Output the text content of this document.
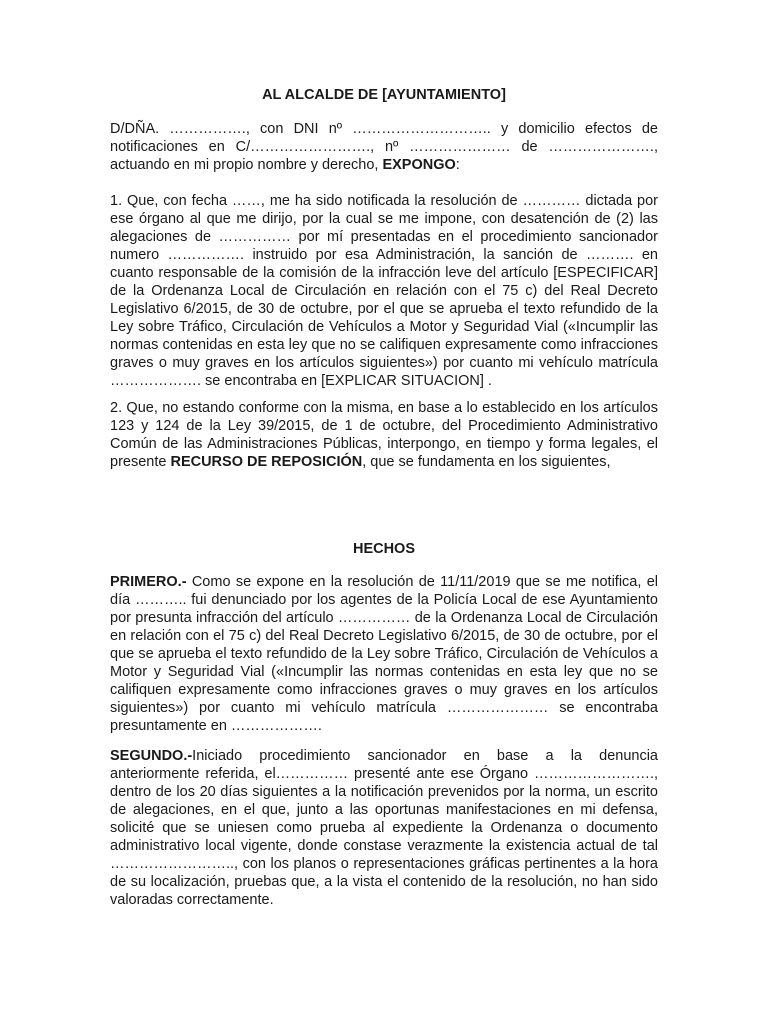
AL ALCALDE DE [AYUNTAMIENTO]

D/DÑA. ……………., con DNI nº ……………………….. y domicilio efectos de notificaciones en C/……………………., nº ………………… de …………………., actuando en mi propio nombre y derecho, EXPONGO:

1. Que, con fecha ……, me ha sido notificada la resolución de ………… dictada por ese órgano al que me dirijo, por la cual se me impone, con desatención de (2) las alegaciones de …………… por mí presentadas en el procedimiento sancionador numero ……………. instruido por esa Administración, la sanción de ………. en cuanto responsable de la comisión de la infracción leve del artículo [ESPECIFICAR] de la Ordenanza Local de Circulación en relación con el 75 c) del Real Decreto Legislativo 6/2015, de 30 de octubre, por el que se aprueba el texto refundido de la Ley sobre Tráfico, Circulación de Vehículos a Motor y Seguridad Vial («Incumplir las normas contenidas en esta ley que no se califiquen expresamente como infracciones graves o muy graves en los artículos siguientes») por cuanto mi vehículo matrícula ………………. se encontraba en [EXPLICAR SITUACION] .

2. Que, no estando conforme con la misma, en base a lo establecido en los artículos 123 y 124 de la Ley 39/2015, de 1 de octubre, del Procedimiento Administrativo Común de las Administraciones Públicas, interpongo, en tiempo y forma legales, el presente RECURSO DE REPOSICIÓN, que se fundamenta en los siguientes,

HECHOS

PRIMERO.- Como se expone en la resolución de 11/11/2019 que se me notifica, el día ……….. fui denunciado por los agentes de la Policía Local de ese Ayuntamiento por presunta infracción del artículo …………… de la Ordenanza Local de Circulación en relación con el 75 c) del Real Decreto Legislativo 6/2015, de 30 de octubre, por el que se aprueba el texto refundido de la Ley sobre Tráfico, Circulación de Vehículos a Motor y Seguridad Vial («Incumplir las normas contenidas en esta ley que no se califiquen expresamente como infracciones graves o muy graves en los artículos siguientes») por cuanto mi vehículo matrícula ………………… se encontraba presuntamente en ……………….

SEGUNDO.-Iniciado procedimiento sancionador en base a la denuncia anteriormente referida, el…………… presenté ante ese Órgano ……………………., dentro de los 20 días siguientes a la notificación prevenidos por la norma, un escrito de alegaciones, en el que, junto a las oportunas manifestaciones en mi defensa, solicité que se uniesen como prueba al expediente la Ordenanza o documento administrativo local vigente, donde constase verazmente la existencia actual de tal …………………….., con los planos o representaciones gráficas pertinentes a la hora de su localización, pruebas que, a la vista el contenido de la resolución, no han sido valoradas correctamente.
